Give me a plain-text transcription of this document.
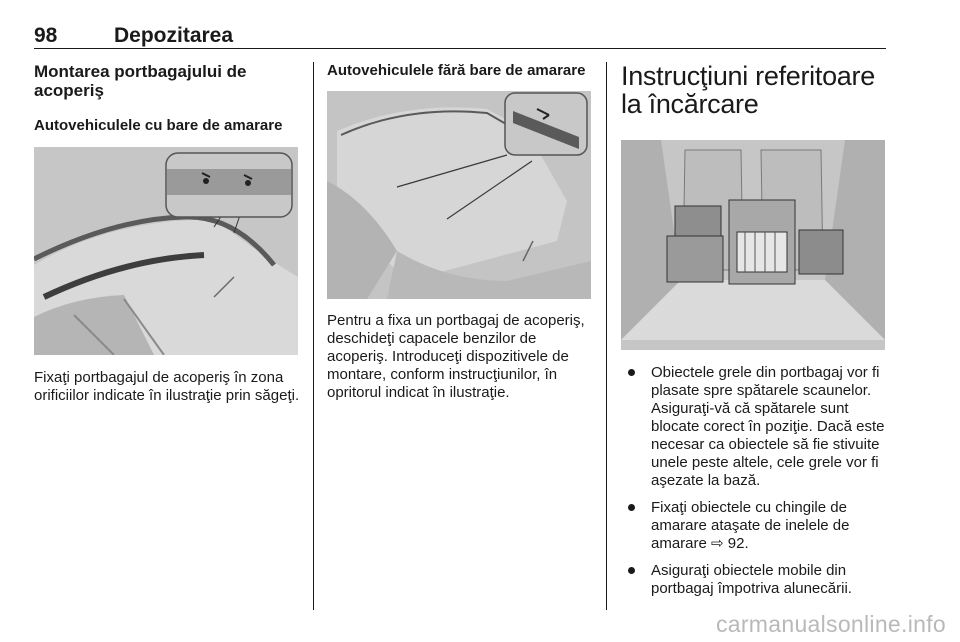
98	Depozitarea
Montarea portbagajului de acoperiş
Autovehiculele cu bare de amarare

Fixaţi portbagajul de acoperiş în zona orificiilor indicate în ilustraţie prin săgeţi.

Autovehiculele fără bare de amarare

Pentru a fixa un portbagaj de acoperiş, deschideţi capacele benzilor de acoperiş. Introduceţi dispozitivele de montare, conform instrucţiunilor, în opritorul indicat în ilustraţie.

Instrucţiuni referitoare
la încărcare
Obiectele grele din portbagaj vor fi plasate spre spătarele scaunelor. Asiguraţi-vă că spătarele sunt blocate corect în poziţie. Dacă este necesar ca obiectele să fie stivuite unele peste altele, cele grele vor fi aşezate la bază.
Fixaţi obiectele cu chingile de amarare ataşate de inelele de amarare ⇨ 92.
Asiguraţi obiectele mobile din portbagaj împotriva alunecării.
carmanualsonline.info
